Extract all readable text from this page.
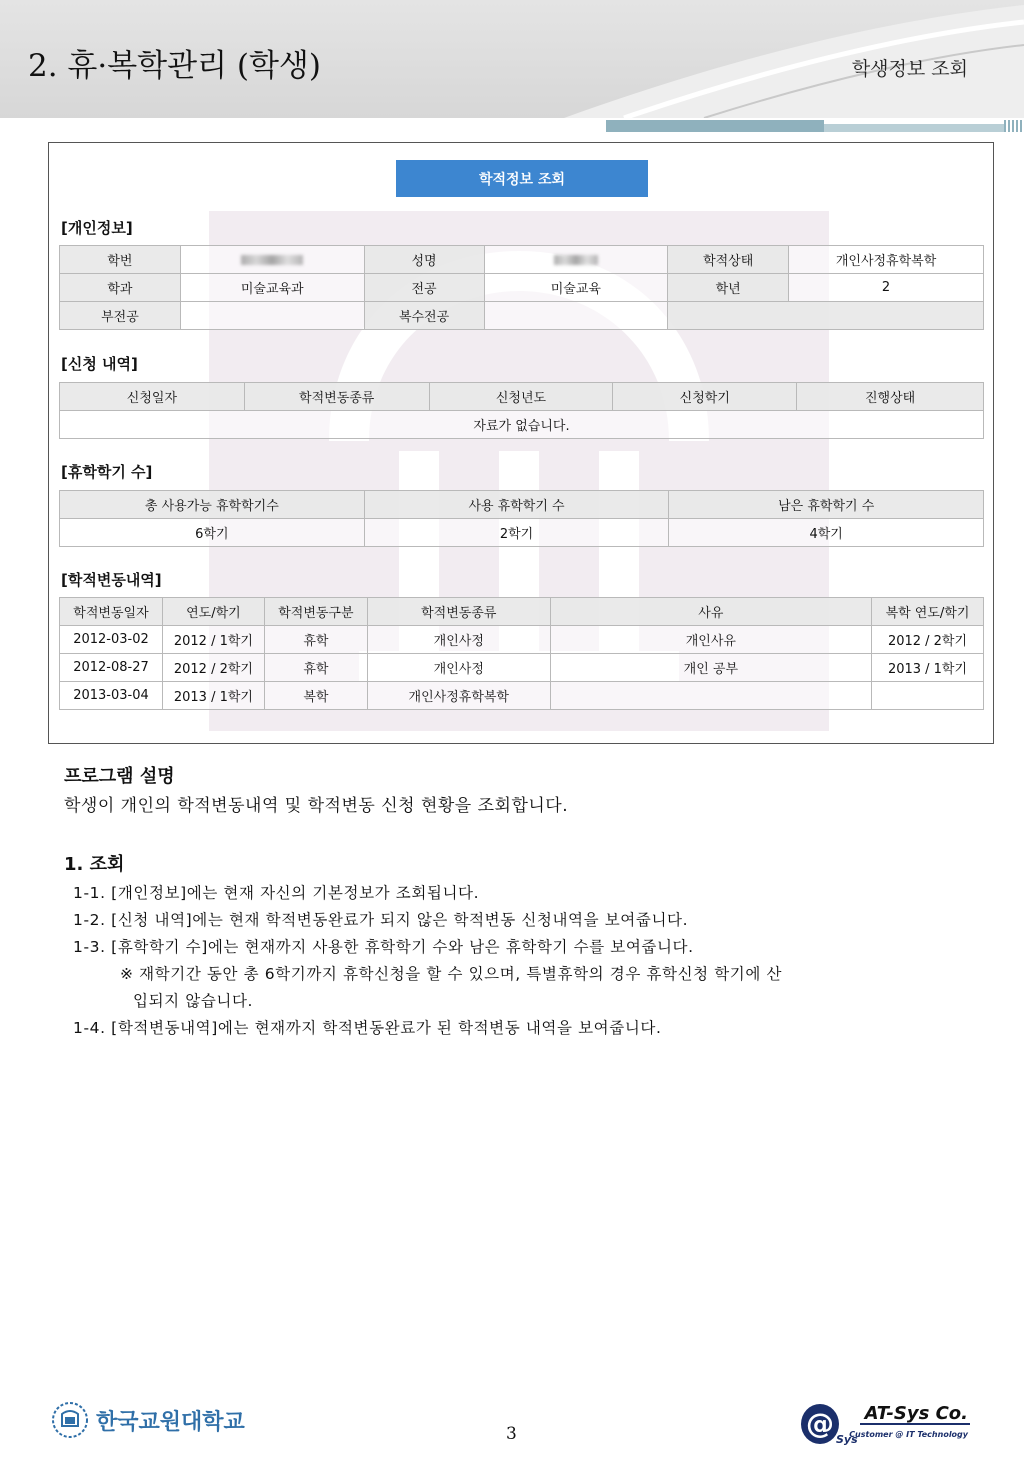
2. 휴·복학관리 (학생)	학생정보 조회
학적정보 조회
[개인정보]
학번		성명		학적상태	개인사정휴학복학
학과	미술교육과	전공	미술교육	학년	2
부전공		복수전공			
[신청 내역]
신청일자	학적변동종류	신청년도	신청학기	진행상태
자료가 없습니다.
[휴학학기 수]
총 사용가능 휴학학기수	사용 휴학학기 수	남은 휴학학기 수
6학기	2학기	4학기
[학적변동내역]
학적변동일자	연도/학기	학적변동구분	학적변동종류	사유	복학 연도/학기
2012-03-02	2012 / 1학기	휴학	개인사정	개인사유	2012 / 2학기
2012-08-27	2012 / 2학기	휴학	개인사정	개인 공부	2013 / 1학기
2013-03-04	2013 / 1학기	복학	개인사정휴학복학		
프로그램 설명
학생이 개인의 학적변동내역 및 학적변동 신청 현황을 조회합니다.
1. 조회
1-1. [개인정보]에는 현재 자신의 기본정보가 조회됩니다.
1-2. [신청 내역]에는 현재 학적변동완료가 되지 않은 학적변동 신청내역을 보여줍니다.
1-3. [휴학학기 수]에는 현재까지 사용한 휴학학기 수와 남은 휴학학기 수를 보여줍니다.
※ 재학기간 동안 총 6학기까지 휴학신청을 할 수 있으며, 특별휴학의 경우 휴학신청 학기에 산
입되지 않습니다.
1-4. [학적변동내역]에는 현재까지 학적변동완료가 된 학적변동 내역을 보여줍니다.
한국교원대학교	3	@ Sys
AT-Sys Co.
Customer @ IT Technology
